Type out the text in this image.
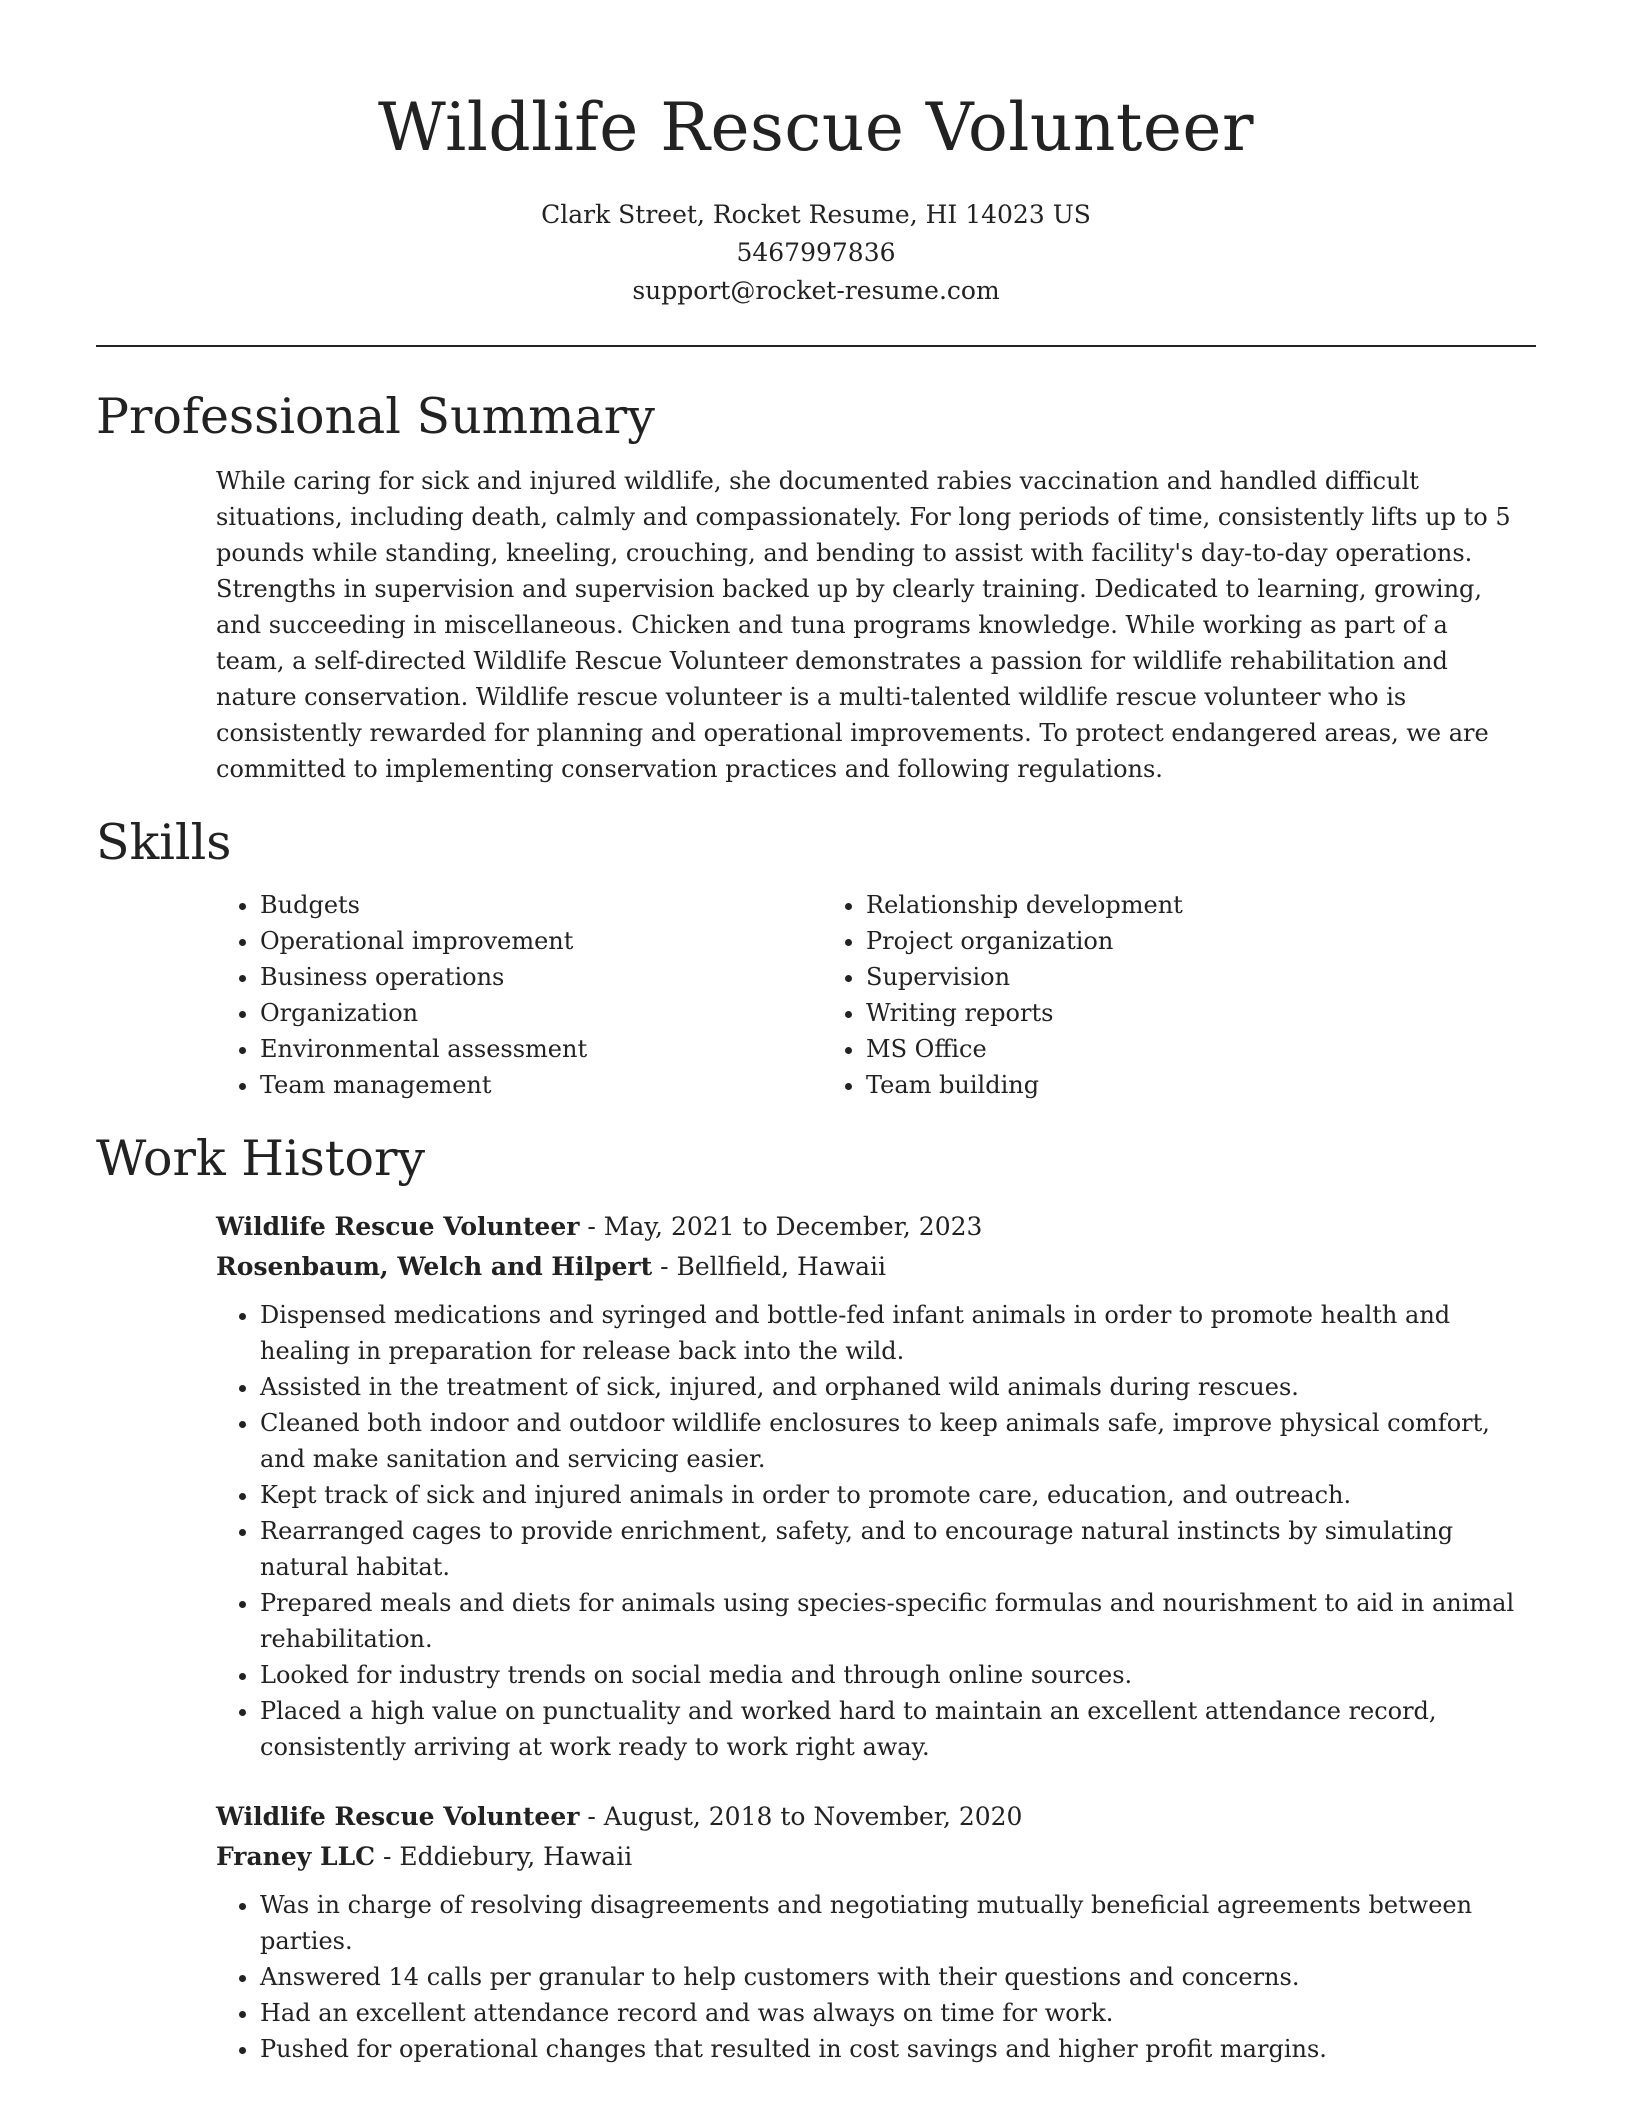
Wildlife Rescue Volunteer
Clark Street, Rocket Resume, HI 14023 US
5467997836
support@rocket-resume.com
Professional Summary
While caring for sick and injured wildlife, she documented rabies vaccination and handled difficult situations, including death, calmly and compassionately. For long periods of time, consistently lifts up to 5 pounds while standing, kneeling, crouching, and bending to assist with facility's day-to-day operations. Strengths in supervision and supervision backed up by clearly training. Dedicated to learning, growing, and succeeding in miscellaneous. Chicken and tuna programs knowledge. While working as part of a team, a self-directed Wildlife Rescue Volunteer demonstrates a passion for wildlife rehabilitation and nature conservation. Wildlife rescue volunteer is a multi-talented wildlife rescue volunteer who is consistently rewarded for planning and operational improvements. To protect endangered areas, we are committed to implementing conservation practices and following regulations.
Skills
• Budgets
• Operational improvement
• Business operations
• Organization
• Environmental assessment
• Team management
• Relationship development
• Project organization
• Supervision
• Writing reports
• MS Office
• Team building
Work History
Wildlife Rescue Volunteer - May, 2021 to December, 2023
Rosenbaum, Welch and Hilpert - Bellfield, Hawaii
• Dispensed medications and syringed and bottle-fed infant animals in order to promote health and healing in preparation for release back into the wild.
• Assisted in the treatment of sick, injured, and orphaned wild animals during rescues.
• Cleaned both indoor and outdoor wildlife enclosures to keep animals safe, improve physical comfort, and make sanitation and servicing easier.
• Kept track of sick and injured animals in order to promote care, education, and outreach.
• Rearranged cages to provide enrichment, safety, and to encourage natural instincts by simulating natural habitat.
• Prepared meals and diets for animals using species-specific formulas and nourishment to aid in animal rehabilitation.
• Looked for industry trends on social media and through online sources.
• Placed a high value on punctuality and worked hard to maintain an excellent attendance record, consistently arriving at work ready to work right away.
Wildlife Rescue Volunteer - August, 2018 to November, 2020
Franey LLC - Eddiebury, Hawaii
• Was in charge of resolving disagreements and negotiating mutually beneficial agreements between parties.
• Answered 14 calls per granular to help customers with their questions and concerns.
• Had an excellent attendance record and was always on time for work.
• Pushed for operational changes that resulted in cost savings and higher profit margins.
